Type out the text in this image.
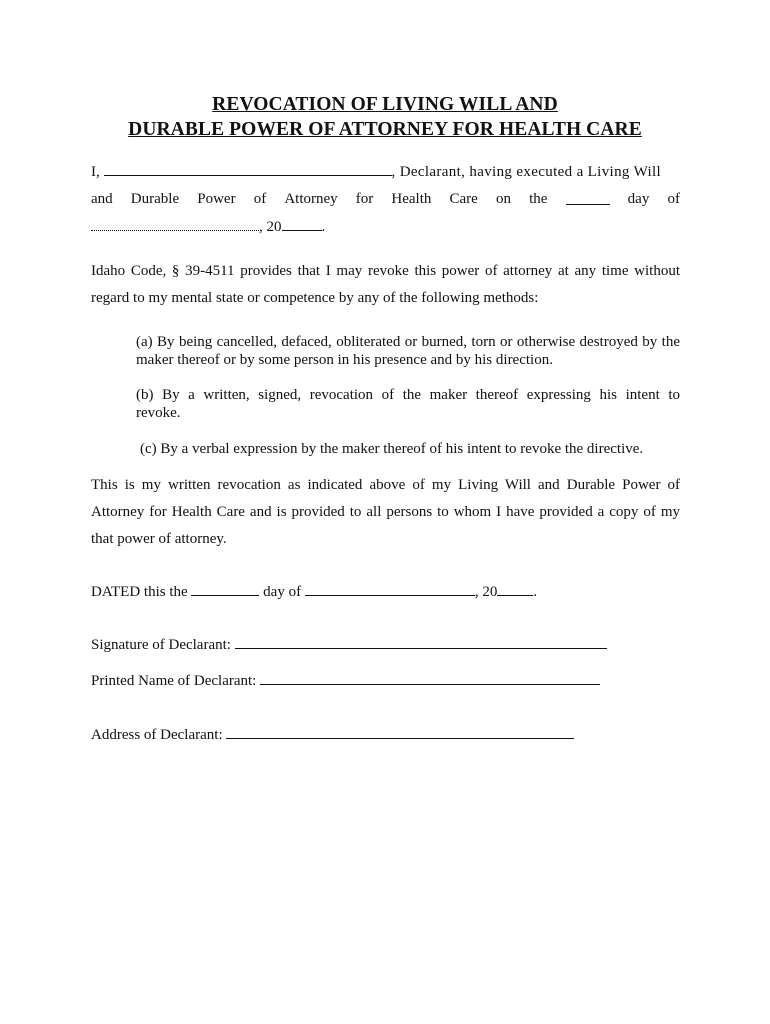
REVOCATION OF LIVING WILL AND
DURABLE POWER OF ATTORNEY FOR HEALTH CARE
I,	, Declarant, having executed a Living Will
and Durable Power of Attorney for Health Care on the	day of
, 20	.
Idaho Code, § 39-4511 provides that I may revoke this power of attorney at any time without
regard to my mental state or competence by any of the following methods:
(a) By being cancelled, defaced, obliterated or burned, torn or otherwise destroyed by the
maker thereof or by some person in his presence and by his direction.
(b) By a written, signed, revocation of the maker thereof expressing his intent to
revoke.
(c) By a verbal expression by the maker thereof of his intent to revoke the directive.
This is my written revocation as indicated above of my Living Will and Durable Power of
Attorney for Health Care and is provided to all persons to whom I have provided a copy of my
that power of attorney.
DATED this the	day of	, 20 .
Signature of Declarant:
Printed Name of Declarant:
Address of Declarant:
